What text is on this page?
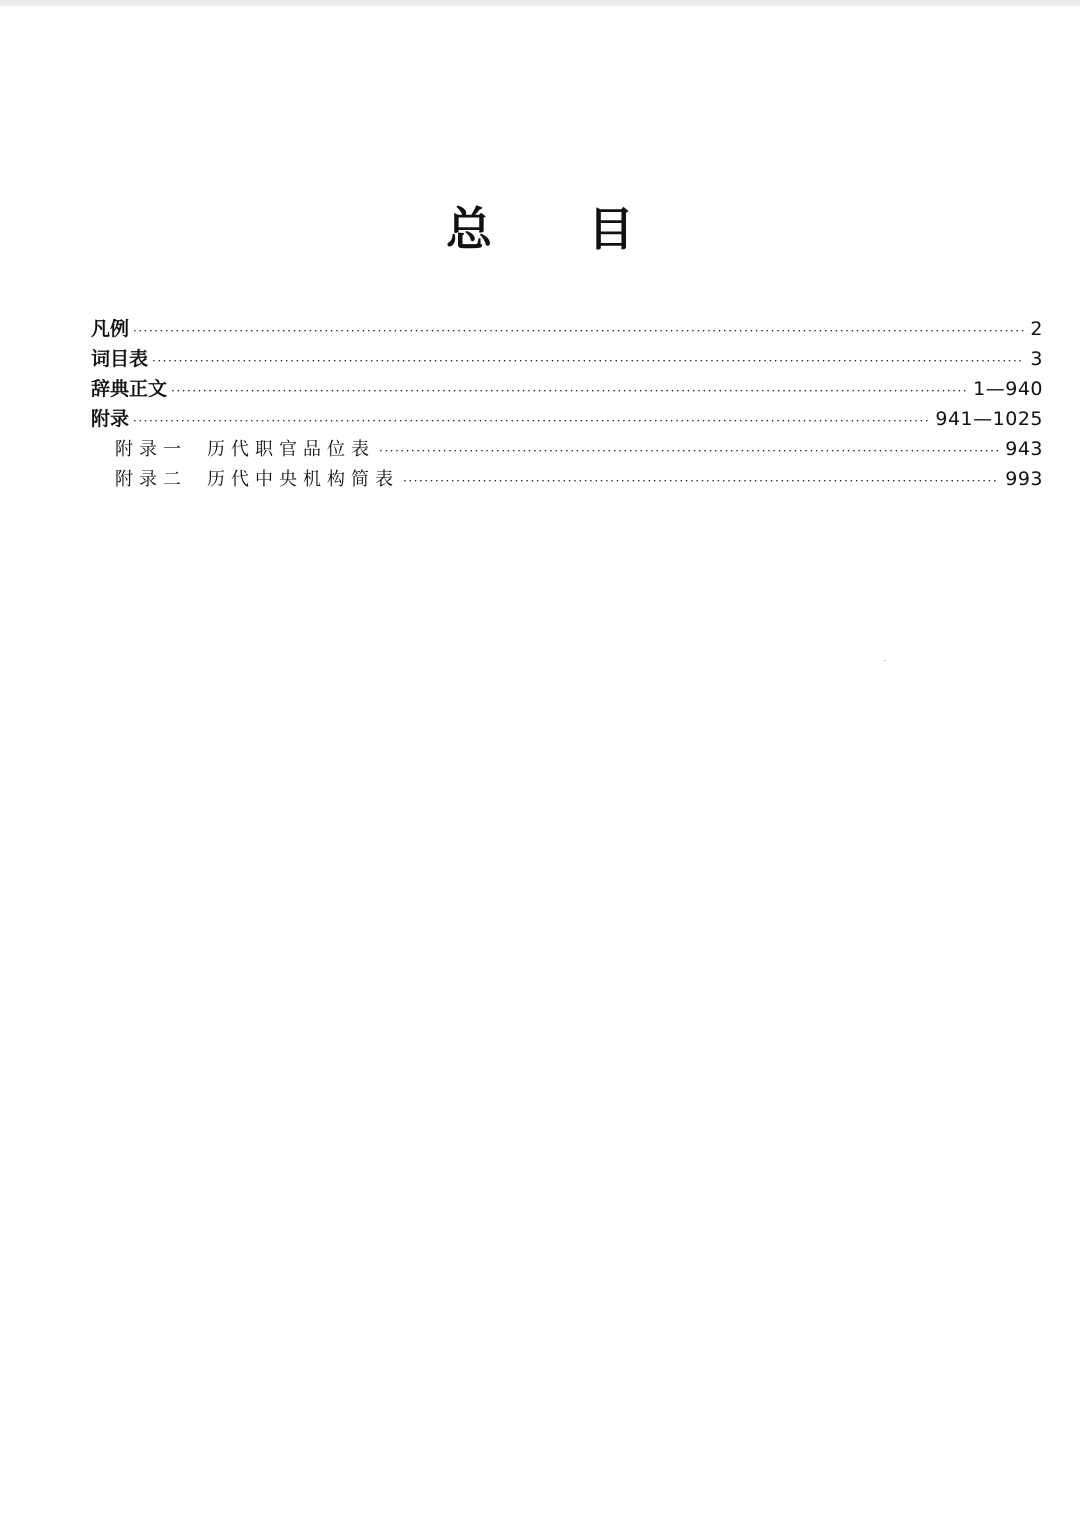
总 目
凡例 ·····	2
词目表 ·····	3
辞典正文 ·····	1—940
附录 ·····	941—1025
附录一 历代职官品位表 ·····	943
附录二 历代中央机构简表 ·····	993
